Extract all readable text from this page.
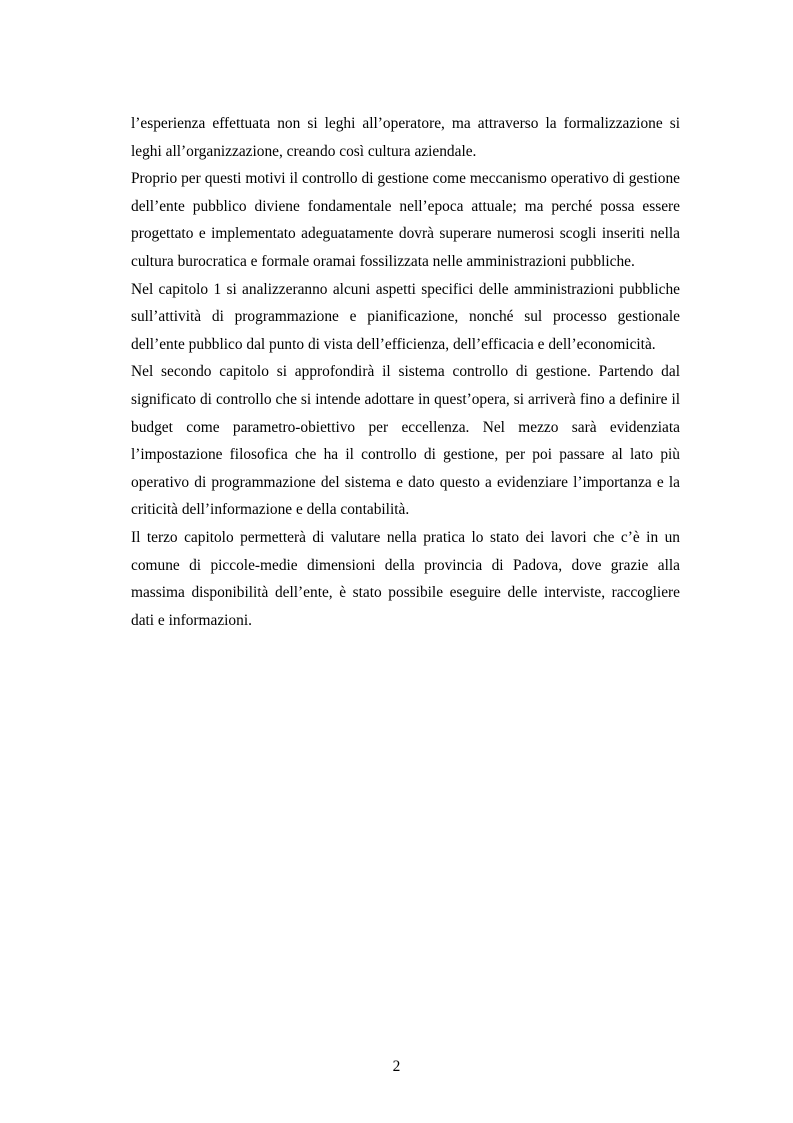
l’esperienza effettuata non si leghi all’operatore, ma attraverso la formalizzazione si leghi all’organizzazione, creando così cultura aziendale.

Proprio per questi motivi il controllo di gestione come meccanismo operativo di gestione dell’ente pubblico diviene fondamentale nell’epoca attuale; ma perché possa essere progettato e implementato adeguatamente dovrà superare numerosi scogli inseriti nella cultura burocratica e formale oramai fossilizzata nelle amministrazioni pubbliche.

Nel capitolo 1 si analizzeranno alcuni aspetti specifici delle amministrazioni pubbliche sull’attività di programmazione e pianificazione, nonché sul processo gestionale dell’ente pubblico dal punto di vista dell’efficienza, dell’efficacia e dell’economicità.

Nel secondo capitolo si approfondirà il sistema controllo di gestione. Partendo dal significato di controllo che si intende adottare in quest’opera, si arriverà fino a definire il budget come parametro-obiettivo per eccellenza. Nel mezzo sarà evidenziata l’impostazione filosofica che ha il controllo di gestione, per poi passare al lato più operativo di programmazione del sistema e dato questo a evidenziare l’importanza e la criticità dell’informazione e della contabilità.

Il terzo capitolo permetterà di valutare nella pratica lo stato dei lavori che c’è in un comune di piccole-medie dimensioni della provincia di Padova, dove grazie alla massima disponibilità dell’ente, è stato possibile eseguire delle interviste, raccogliere dati e informazioni.

2
